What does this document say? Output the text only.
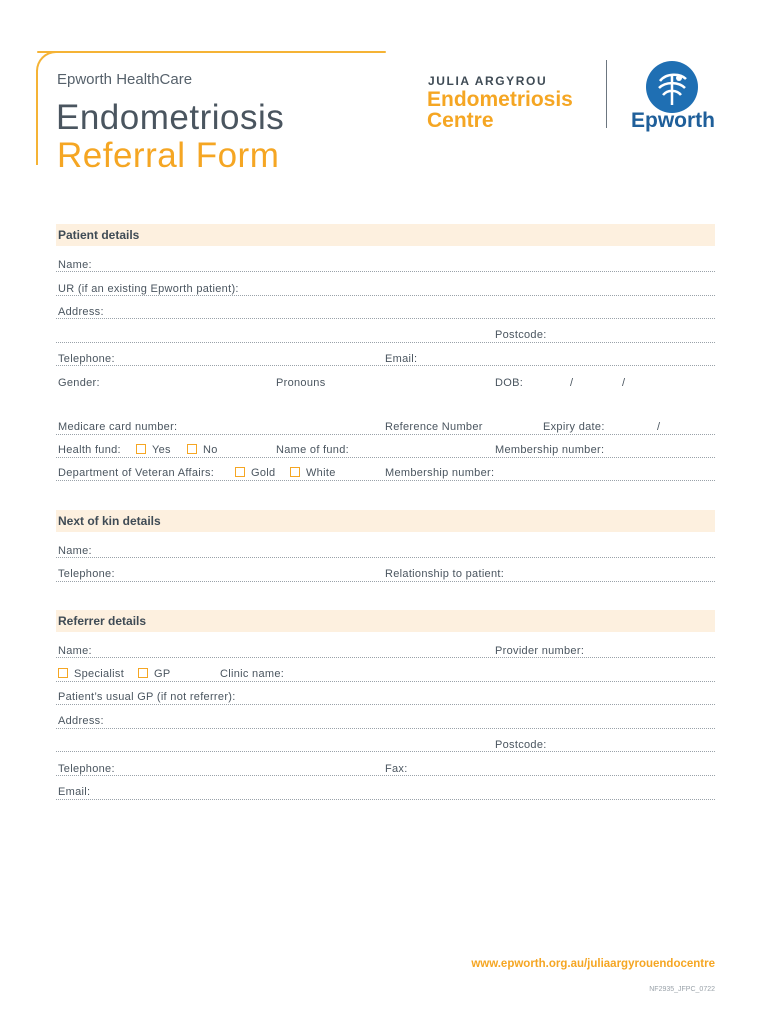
Epworth HealthCare
Endometriosis
Referral Form
JULIA ARGYROU
Endometriosis
Centre	Epworth
Patient details
Name:
UR (if an existing Epworth patient):
Address:
Postcode:
Telephone:	Email:
Gender:	Pronouns	DOB:	/	/
Medicare card number:	Reference Number	Expiry date:	/
Health fund:	Yes	No	Name of fund:	Membership number:
Department of Veteran Affairs:	Gold	White	Membership number:
Next of kin details
Name:
Telephone:	Relationship to patient:
Referrer details
Name:	Provider number:
Specialist	GP	Clinic name:
Patient’s usual GP (if not referrer):
Address:
Postcode:
Telephone:	Fax:
Email:
www.epworth.org.au/juliaargyrouendocentre
NF2935_JFPC_0722
